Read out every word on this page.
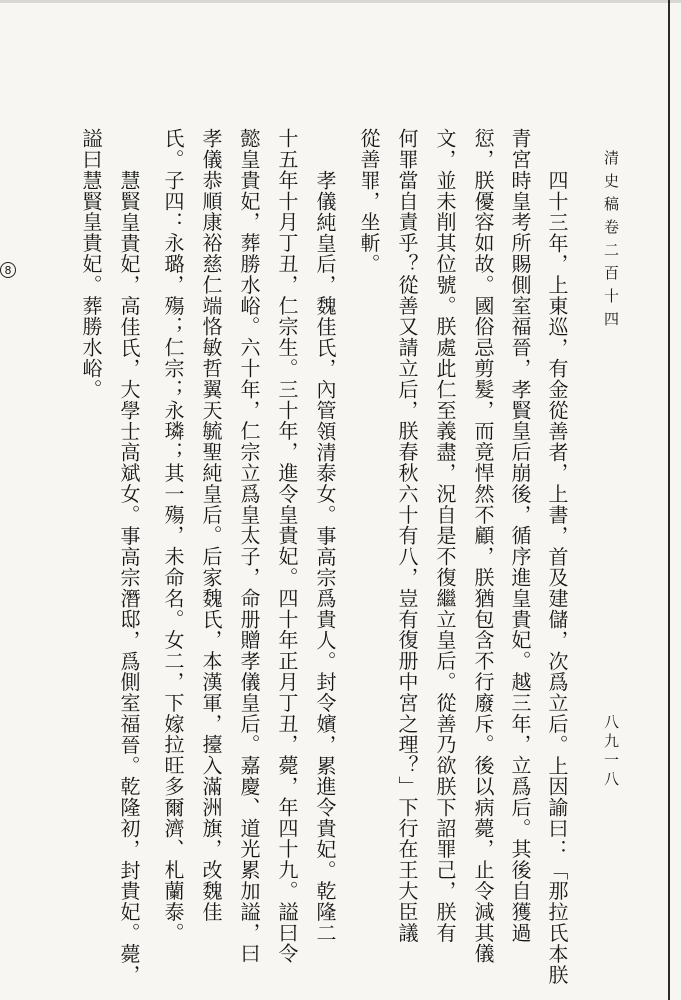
清史稿卷二百十四
八九一八
8	四十三年，上東巡，有金從善者，上書，首及建儲，次爲立后。上因諭曰：「那拉氏本朕
青宮時皇考所賜側室福晉，孝賢皇后崩後，循序進皇貴妃。越三年，立爲后。其後自獲過
愆，朕優容如故。國俗忌剪髮，而竟悍然不顧，朕猶包含不行廢斥。後以病薨，止令減其儀
文，並未削其位號。朕處此仁至義盡，況自是不復繼立皇后。從善乃欲朕下詔罪己，朕有
何罪當自責乎？從善又請立后，朕春秋六十有八，豈有復册中宮之理？」下行在王大臣議
從善罪，坐斬。
孝儀純皇后，魏佳氏，內管領清泰女。事高宗爲貴人。封令嬪，累進令貴妃。乾隆二
十五年十月丁丑，仁宗生。三十年，進令皇貴妃。四十年正月丁丑，薨，年四十九。謚曰令
懿皇貴妃，葬勝水峪。六十年，仁宗立爲皇太子，命册贈孝儀皇后。嘉慶、道光累加謚，曰
孝儀恭順康裕慈仁端恪敏哲翼天毓聖純皇后。后家魏氏，本漢軍，擡入滿洲旗，改魏佳
氏。子四：永璐，殤；仁宗；永璘；其一殤，未命名。女二，下嫁拉旺多爾濟、札蘭泰。
慧賢皇貴妃，高佳氏，大學士高斌女。事高宗潛邸，爲側室福晉。乾隆初，封貴妃。薨，
謚曰慧賢皇貴妃。葬勝水峪。
